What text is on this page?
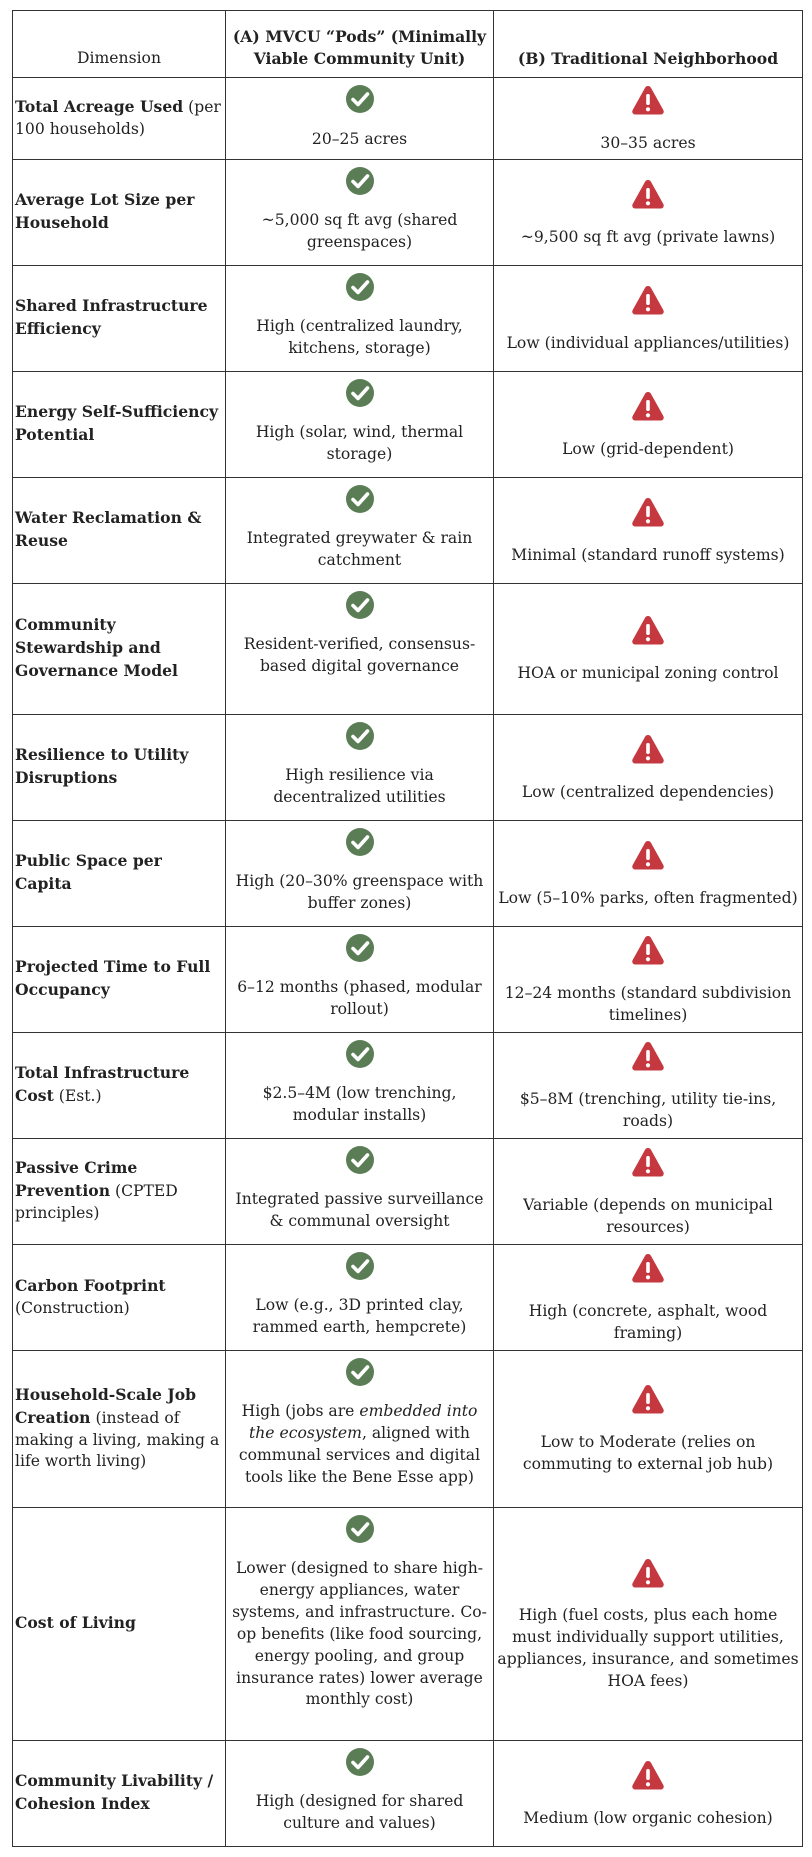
Dimension	(A) MVCU “Pods” (Minimally Viable Community Unit)	(B) Traditional Neighborhood
Total Acreage Used (per 100 households)	20–25 acres	30–35 acres

Average Lot Size per Household	~5,000 sq ft avg (shared greenspaces)	~9,500 sq ft avg (private lawns)

Shared Infrastructure Efficiency	High (centralized laundry, kitchens, storage)	Low (individual appliances/utilities)

Energy Self-Sufficiency Potential	High (solar, wind, thermal storage)	Low (grid-dependent)

Water Reclamation & Reuse	Integrated greywater & rain catchment	Minimal (standard runoff systems)

Community Stewardship and Governance Model	Resident-verified, consensus-based digital governance	HOA or municipal zoning control

Resilience to Utility Disruptions	High resilience via decentralized utilities	Low (centralized dependencies)

Public Space per Capita	High (20–30% greenspace with buffer zones)	Low (5–10% parks, often fragmented)

Projected Time to Full Occupancy	6–12 months (phased, modular rollout)	12–24 months (standard subdivision timelines)

Total Infrastructure Cost (Est.)	$2.5–4M (low trenching, modular installs)	$5–8M (trenching, utility tie-ins, roads)

Passive Crime Prevention (CPTED principles)	Integrated passive surveillance & communal oversight	Variable (depends on municipal resources)

Carbon Footprint (Construction)	Low (e.g., 3D printed clay, rammed earth, hempcrete)	High (concrete, asphalt, wood framing)

Household-Scale Job Creation (instead of making a living, making a life worth living)	High (jobs are embedded into the ecosystem, aligned with communal services and digital tools like the Bene Esse app)	Low to Moderate (relies on commuting to external job hub)

Cost of Living	Lower (designed to share high-energy appliances, water systems, and infrastructure. Co-op benefits (like food sourcing, energy pooling, and group insurance rates) lower average monthly cost)	High (fuel costs, plus each home must individually support utilities, appliances, insurance, and sometimes HOA fees)

Community Livability / Cohesion Index	High (designed for shared culture and values)	Medium (low organic cohesion)
